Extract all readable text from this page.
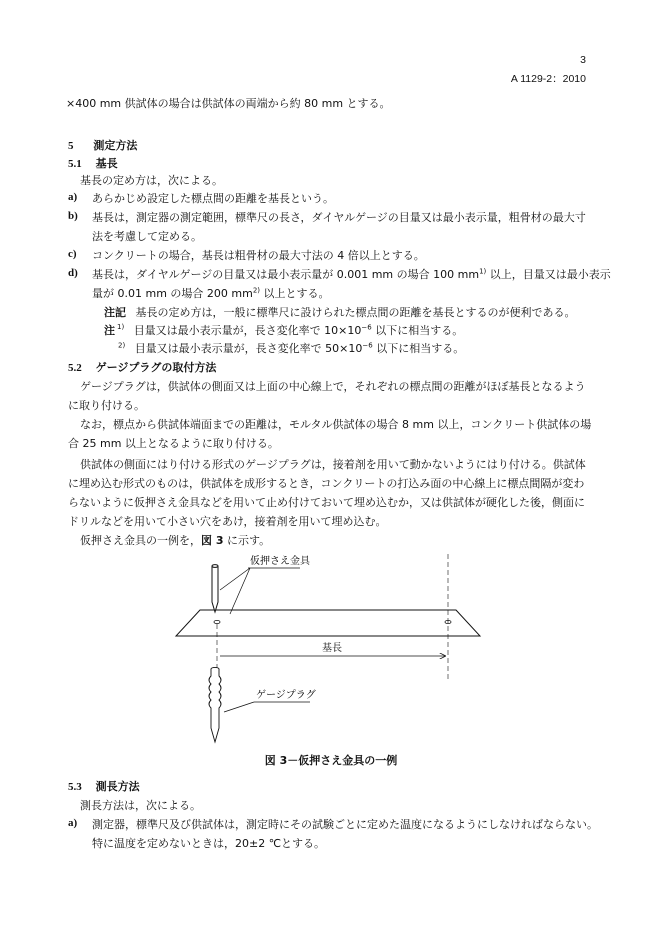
3
A 1129-2：2010
×400 mm 供試体の場合は供試体の両端から約 80 mm とする。
5 測定方法
5.1 基長
基長の定め方は，次による。
a) あらかじめ設定した標点間の距離を基長という。
b) 基長は，測定器の測定範囲，標準尺の長さ，ダイヤルゲージの目量又は最小表示量，粗骨材の最大寸
法を考慮して定める。
c) コンクリートの場合，基長は粗骨材の最大寸法の 4 倍以上とする。
d) 基長は，ダイヤルゲージの目量又は最小表示量が 0.001 mm の場合 100 $mm^{1)}$ 以上，目量又は最小表示
量が 0.01 mm の場合 200 $mm^{2)}$ 以上とする。
注記 基長の定め方は，一般に標準尺に設けられた標点間の距離を基長とするのが便利である。
注 $^{1)}$ 目量又は最小表示量が，長さ変化率で $10\times 10^{-6}$ 以下に相当する。
$^{2)}$ 目量又は最小表示量が，長さ変化率で $50\times 10^{-6}$ 以下に相当する。
5.2 ゲージプラグの取付方法
ゲージプラグは，供試体の側面又は上面の中心線上で，それぞれの標点間の距離がほぼ基長となるよう
に取り付ける。
なお，標点から供試体端面までの距離は，モルタル供試体の場合 8 mm 以上，コンクリート供試体の場
合 25 mm 以上となるように取り付ける。
供試体の側面にはり付ける形式のゲージプラグは，接着剤を用いて動かないようにはり付ける。供試体
に埋め込む形式のものは，供試体を成形するとき，コンクリートの打込み面の中心線上に標点間隔が変わ
らないように仮押さえ金具などを用いて止め付けておいて埋め込むか，又は供試体が硬化した後，側面に
ドリルなどを用いて小さい穴をあけ，接着剤を用いて埋め込む。
仮押さえ金具の一例を，図 3 に示す。
仮押さえ金具
基長
ゲージプラグ
図 3－仮押さえ金具の一例
5.3 測長方法
測長方法は，次による。
a) 測定器，標準尺及び供試体は，測定時にその試験ごとに定めた温度になるようにしなければならない。
特に温度を定めないときは，20±2 ℃とする。
